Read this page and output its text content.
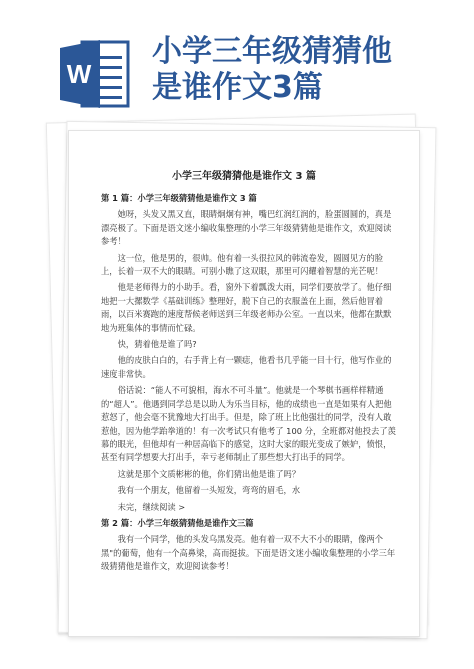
W
小学三年级猜猜他
是谁作文3篇
小学三年级猜猜他是谁作文 3 篇

第 1 篇：小学三年级猜猜他是谁作文 3 篇

她呀，头发又黑又直，眼睛炯炯有神，嘴巴红润红润的，脸蛋圆圆的，真是漂亮极了。下面是语文迷小编收集整理的小学三年级猜猜他是谁作文，欢迎阅读参考！

这一位，他是男的，很帅。他有着一头很拉风的韩流卷发，圆圆见方的脸上，长着一双不大的眼睛。可别小瞧了这双眼，那里可闪耀着智慧的光芒呢！

他是老师得力的小助手。看，窗外下着瓢泼大雨，同学们要放学了。他仔细地把一大摞数学《基础训练》整理好，脱下自己的衣服盖在上面，然后他冒着雨，以百米赛跑的速度帮候老师送到三年级老师办公室。一直以来，他都在默默地为班集体的事情而忙碌。

快，猜着他是谁了吗?

他的皮肤白白的，右手背上有一颗痣，他看书几乎能一目十行，他写作业的速度非常快。

俗话说：“能人不可貌相，海水不可斗量”。他就是一个琴棋书画样样精通的“超人”。他遇到同学总是以助人为乐当目标，他的成绩也一直是如果有人把他惹怒了，他会毫不犹豫地大打出手。但是，除了班上比他强壮的同学，没有人敢惹他，因为他学跆拳道的！有一次考试只有他考了 100 分，全班都对他投去了羡慕的眼光，但他却有一种居高临下的感觉，这时大家的眼光变成了嫉妒，愤恨，甚至有同学想要大打出手，幸亏老师制止了那些想大打出手的同学。

这就是那个文质彬彬的他，你们猜出他是谁了吗？

我有一个朋友，他留着一头短发，弯弯的眉毛，水

未完，继续阅读 >

第 2 篇：小学三年级猜猜他是谁作文三篇

我有一个同学，他的头发乌黑发亮。他有着一双不大不小的眼睛，像两个黑"的葡萄，他有一个高鼻梁，高而挺拔。下面是语文迷小编收集整理的小学三年级猜猜他是谁作文，欢迎阅读参考！
